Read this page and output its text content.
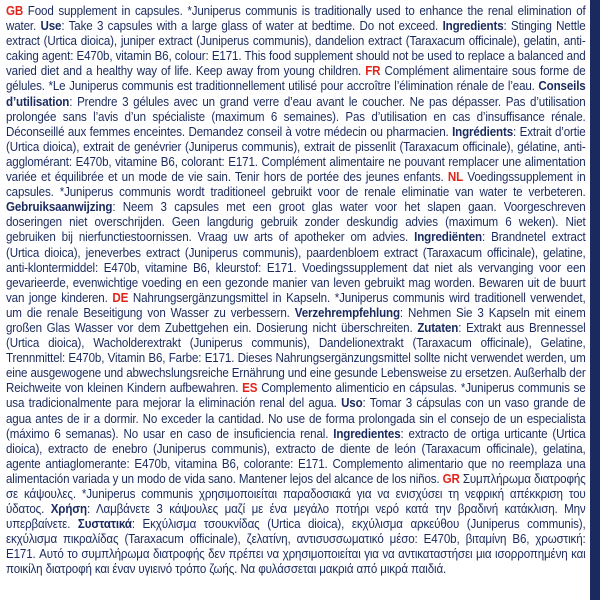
GB Food supplement in capsules. *Juniperus communis is traditionally used to enhance the renal elimination of water. Use: Take 3 capsules with a large glass of water at bedtime. Do not exceed. Ingredients: Stinging Nettle extract (Urtica dioica), juniper extract (Juniperus communis), dandelion extract (Taraxacum officinale), gelatin, anti-caking agent: E470b, vitamin B6, colour: E171. This food supplement should not be used to replace a balanced and varied diet and a healthy way of life. Keep away from young children. FR Complément alimentaire sous forme de gélules. *Le Juniperus communis est traditionnellement utilisé pour accroître l’élimination rénale de l’eau. Conseils d’utilisation: Prendre 3 gélules avec un grand verre d’eau avant le coucher. Ne pas dépasser. Pas d’utilisation prolongée sans l’avis d’un spécialiste (maximum 6 semaines). Pas d’utilisation en cas d’insuffisance rénale. Déconseillé aux femmes enceintes. Demandez conseil à votre médecin ou pharmacien. Ingrédients: Extrait d’ortie (Urtica dioica), extrait de genévrier (Juniperus communis), extrait de pissenlit (Taraxacum officinale), gélatine, anti-agglomérant: E470b, vitamine B6, colorant: E171. Complément alimentaire ne pouvant remplacer une alimentation variée et équilibrée et un mode de vie sain. Tenir hors de portée des jeunes enfants. NL Voedingssupplement in capsules. *Juniperus communis wordt traditioneel gebruikt voor de renale eliminatie van water te verbeteren. Gebruiksaanwijzing: Neem 3 capsules met een groot glas water voor het slapen gaan. Voorgeschreven doseringen niet overschrijden. Geen langdurig gebruik zonder deskundig advies (maximum 6 weken). Niet gebruiken bij nierfunctiestoornissen. Vraag uw arts of apotheker om advies. Ingrediënten: Brandnetel extract (Urtica dioica), jeneverbes extract (Juniperus communis), paardenbloem extract (Taraxacum officinale), gelatine, anti-klontermiddel: E470b, vitamine B6, kleurstof: E171. Voedingssupplement dat niet als vervanging voor een gevarieerde, evenwichtige voeding en een gezonde manier van leven gebruikt mag worden. Bewaren uit de buurt van jonge kinderen. DE Nahrungsergänzungsmittel in Kapseln. *Juniperus communis wird traditionell verwendet, um die renale Beseitigung von Wasser zu verbessern. Verzehrempfehlung: Nehmen Sie 3 Kapseln mit einem großen Glas Wasser vor dem Zubettgehen ein. Dosierung nicht überschreiten. Zutaten: Extrakt aus Brennessel (Urtica dioica), Wacholderextrakt (Juniperus communis), Dandelionextrakt (Taraxacum officinale), Gelatine, Trennmittel: E470b, Vitamin B6, Farbe: E171. Dieses Nahrungsergänzungsmittel sollte nicht verwendet werden, um eine ausgewogene und abwechslungsreiche Ernährung und eine gesunde Lebensweise zu ersetzen. Außerhalb der Reichweite von kleinen Kindern aufbewahren. ES Complemento alimenticio en cápsulas. *Juniperus communis se usa tradicionalmente para mejorar la eliminación renal del agua. Uso: Tomar 3 cápsulas con un vaso grande de agua antes de ir a dormir. No exceder la cantidad. No use de forma prolongada sin el consejo de un especialista (máximo 6 semanas). No usar en caso de insuficiencia renal. Ingredientes: extracto de ortiga urticante (Urtica dioica), extracto de enebro (Juniperus communis), extracto de diente de león (Taraxacum officinale), gelatina, agente antiaglomerante: E470b, vitamina B6, colorante: E171. Complemento alimentario que no reemplaza una alimentación variada y un modo de vida sano. Mantener lejos del alcance de los niños. GR Συμπλήρωμα διατροφής σε κάψουλες. *Juniperus communis χρησιμοποιείται παραδοσιακά για να ενισχύσει τη νεφρική απέκκριση του ύδατος. Χρήση: Λαμβάνετε 3 κάψουλες μαζί με ένα μεγάλο ποτήρι νερό κατά την βραδινή κατάκλιση. Μην υπερβαίνετε. Συστατικά: Εκχύλισμα τσουκνίδας (Urtica dioica), εκχύλισμα αρκεύθου (Juniperus communis), εκχύλισμα πικραλίδας (Taraxacum officinale), ζελατίνη, αντισυσσωματικό μέσο: E470b, βιταμίνη B6, χρωστική: E171. Αυτό το συμπλήρωμα διατροφής δεν πρέπει να χρησιμοποιείται για να αντικαταστήσει μια ισορροπημένη και ποικίλη διατροφή και έναν υγιεινό τρόπο ζωής. Να φυλάσσεται μακριά από μικρά παιδιά.
